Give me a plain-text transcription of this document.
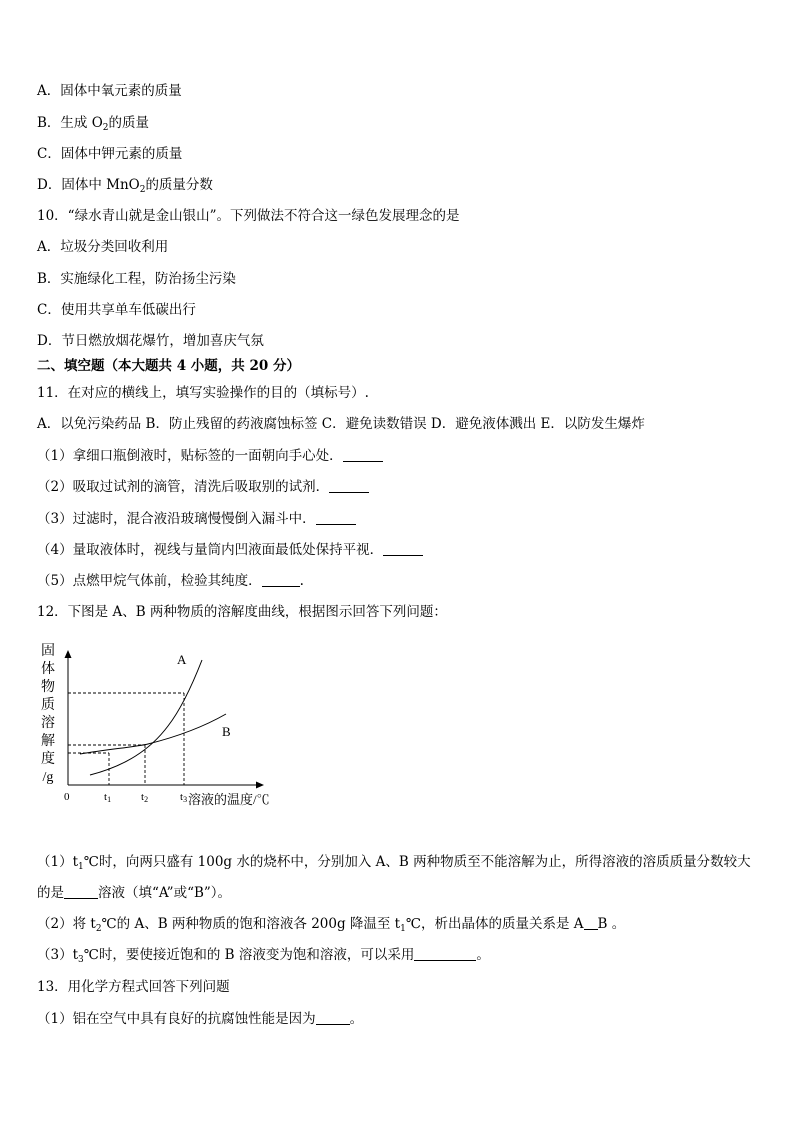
A．固体中氧元素的质量
B．生成 $O_2$的质量
C．固体中钾元素的质量
D．固体中 MnO$_2$的质量分数
10．“绿水青山就是金山银山”。下列做法不符合这一绿色发展理念的是
A．垃圾分类回收利用
B．实施绿化工程，防治扬尘污染
C．使用共享单车低碳出行
D．节日燃放烟花爆竹，增加喜庆气氛
二、填空题（本大题共 4 小题，共 20 分）
11．在对应的横线上，填写实验操作的目的（填标号）.
A．以免污染药品 B．防止残留的药液腐蚀标签 C．避免读数错误 D．避免液体溅出 E．以防发生爆炸
（1）拿细口瓶倒液时，贴标签的一面朝向手心处．
（2）吸取过试剂的滴管，清洗后吸取别的试剂．
（3）过滤时，混合液沿玻璃慢慢倒入漏斗中．
（4）量取液体时，视线与量筒内凹液面最低处保持平视．
（5）点燃甲烷气体前，检验其纯度．	.
12．下图是 A、B 两种物质的溶解度曲线，根据图示回答下列问题：
固
体
物
质
溶
解
度
/g
A
B
0	t1	t2	t3 溶液的温度/℃
$(1)t_1℃$时，向两只盛有 100g 水的烧杯中，分别加入 A、B 两种物质至不能溶解为止，所得溶液的溶质质量分数较大
的是	溶液（填“A”或“B”）。
（2）将 $t_2℃$的 A、B 两种物质的饱和溶液各 200g 降温至 $t_1℃$，析出晶体的质量关系是 A B 。
$(3)t_3℃$时，要使接近饱和的 B 溶液变为饱和溶液，可以采用	。
13．用化学方程式回答下列问题
（1）铝在空气中具有良好的抗腐蚀性能是因为	。
